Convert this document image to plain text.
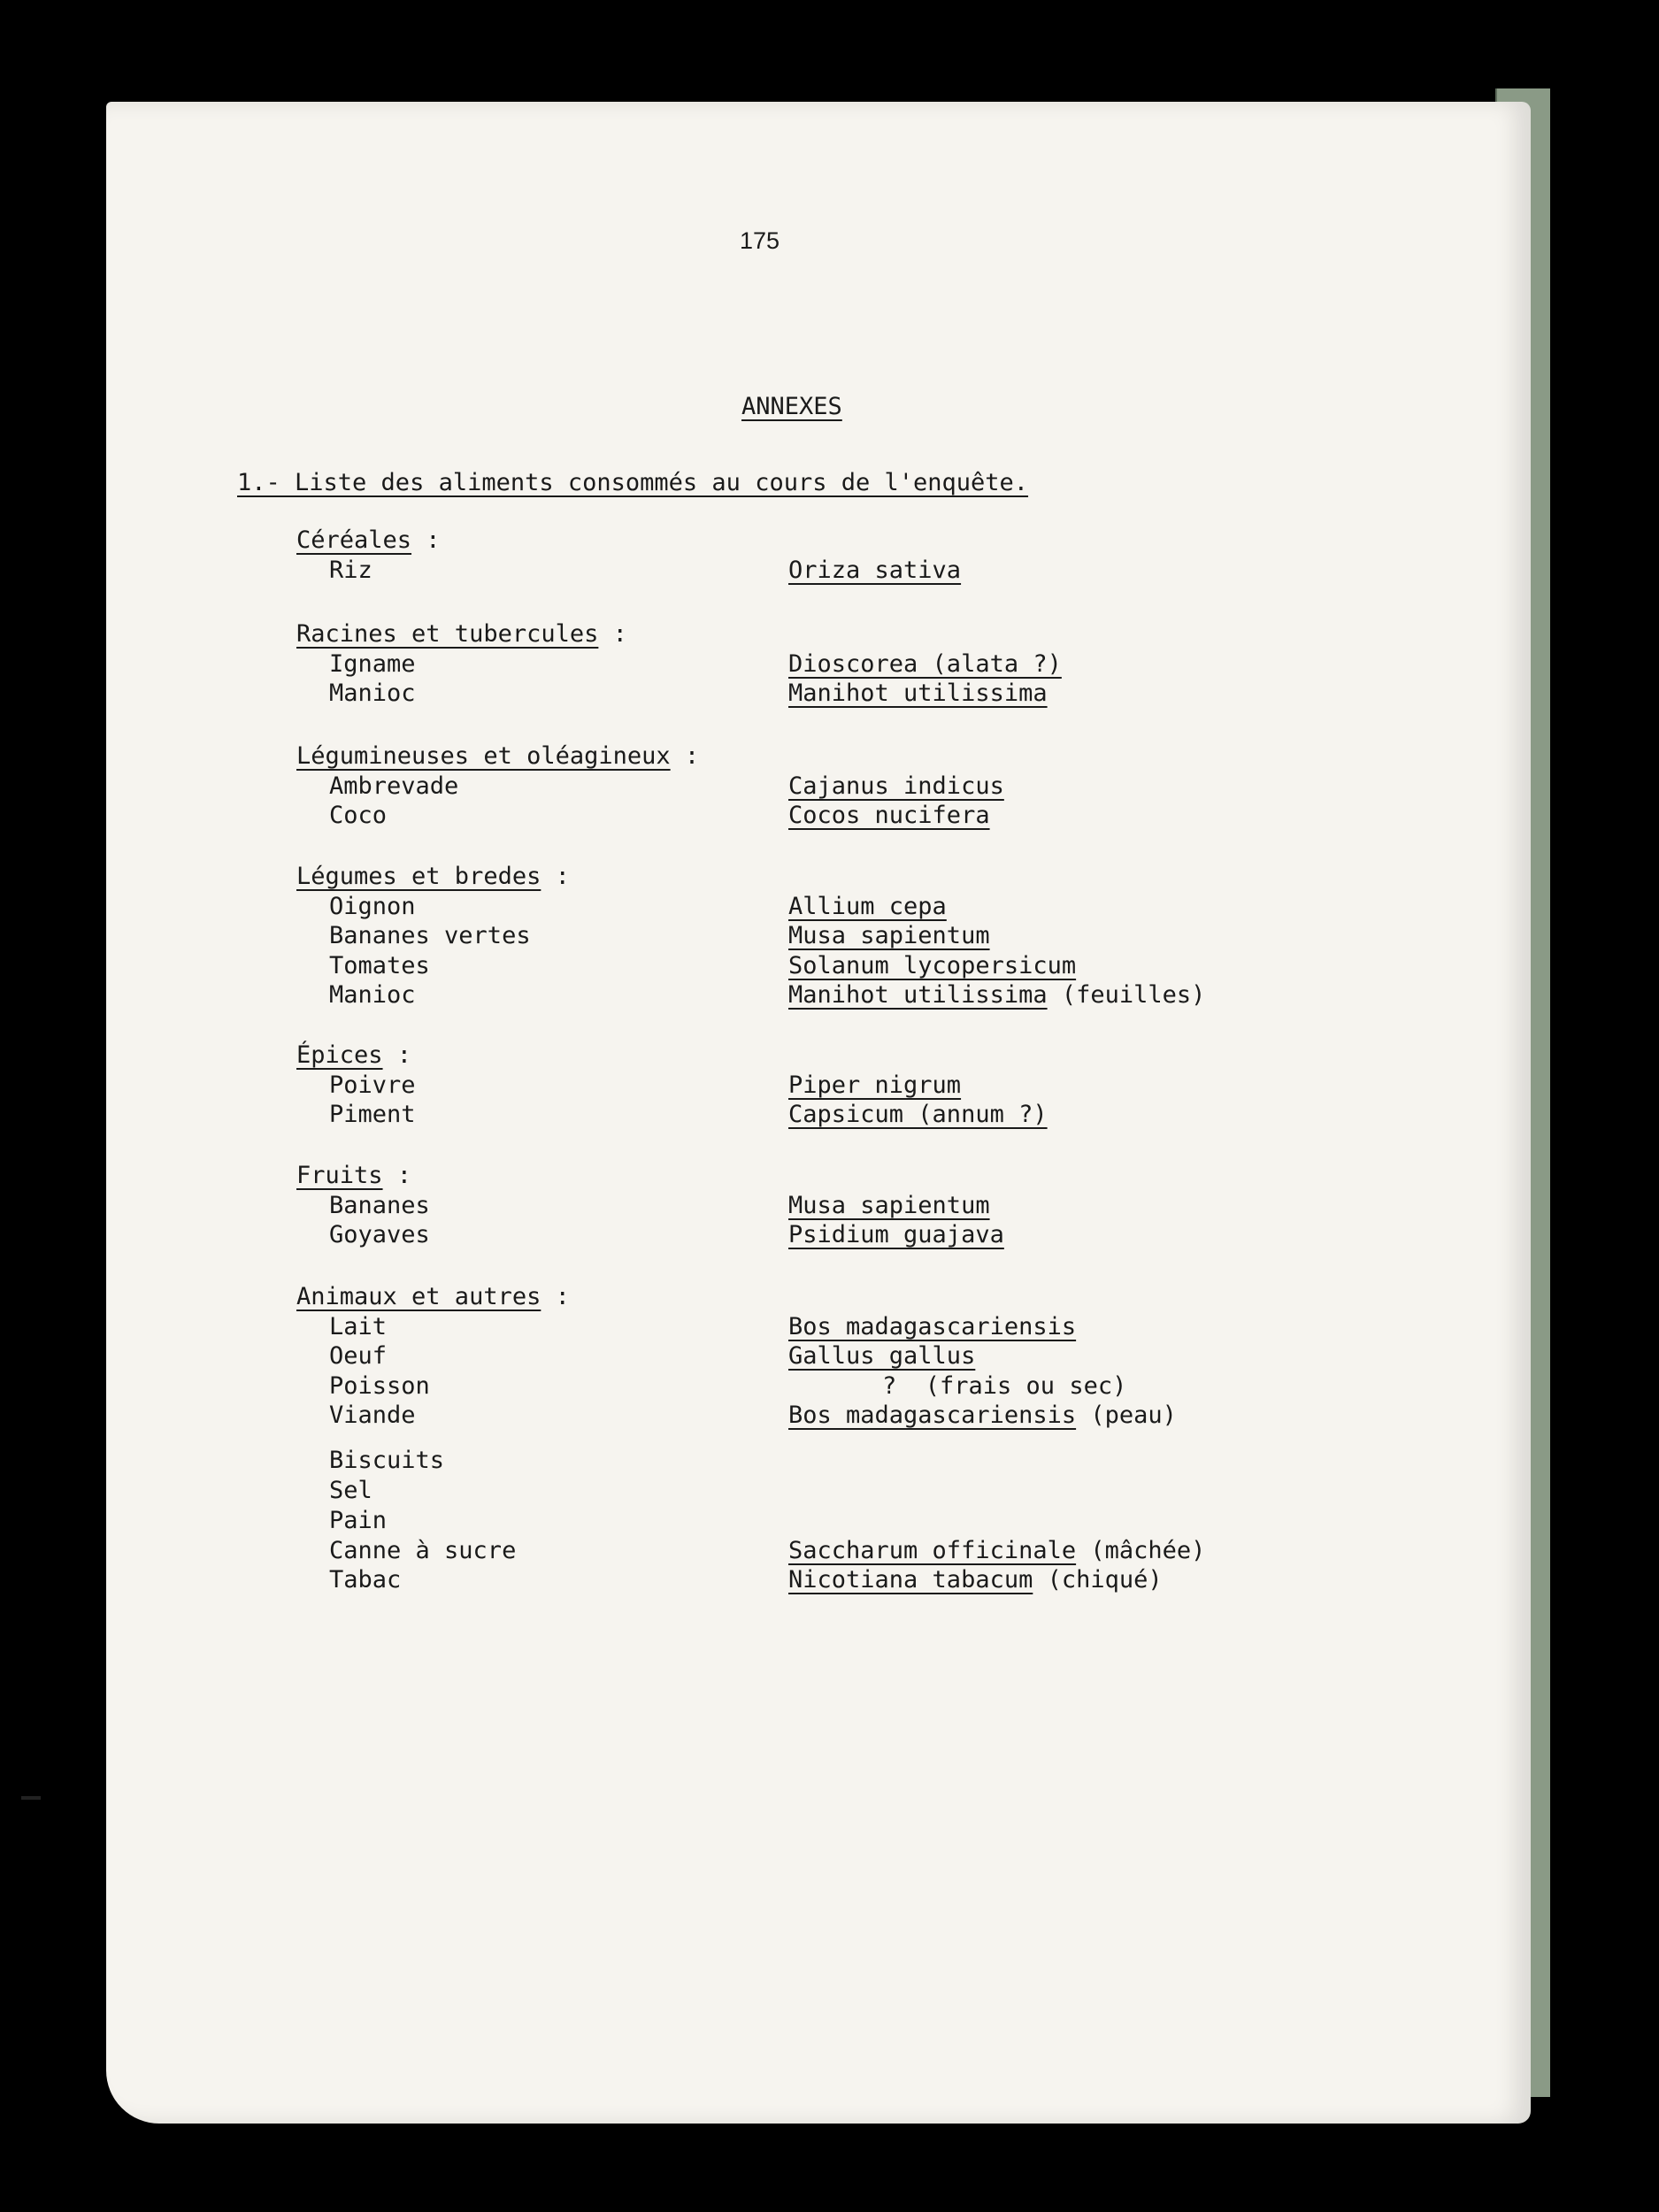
175
ANNEXES
1.- Liste des aliments consommés au cours de l'enquête.
Céréales :
Riz	Oriza sativa
Racines et tubercules :
Igname	Dioscorea (alata ?)
Manioc	Manihot utilissima
Légumineuses et oléagineux :
Ambrevade	Cajanus indicus
Coco	Cocos nucifera
Légumes et bredes :
Oignon	Allium cepa
Bananes vertes	Musa sapientum
Tomates	Solanum lycopersicum
Manioc	Manihot utilissima (feuilles)
Épices :
Poivre	Piper nigrum
Piment	Capsicum (annum ?)
Fruits :
Bananes	Musa sapientum
Goyaves	Psidium guajava
Animaux et autres :
Lait	Bos madagascariensis
Oeuf	Gallus gallus
Poisson	?  (frais ou sec)
Viande	Bos madagascariensis (peau)
Biscuits
Sel
Pain
Canne à sucre	Saccharum officinale (mâchée)
Tabac	Nicotiana tabacum (chiqué)
